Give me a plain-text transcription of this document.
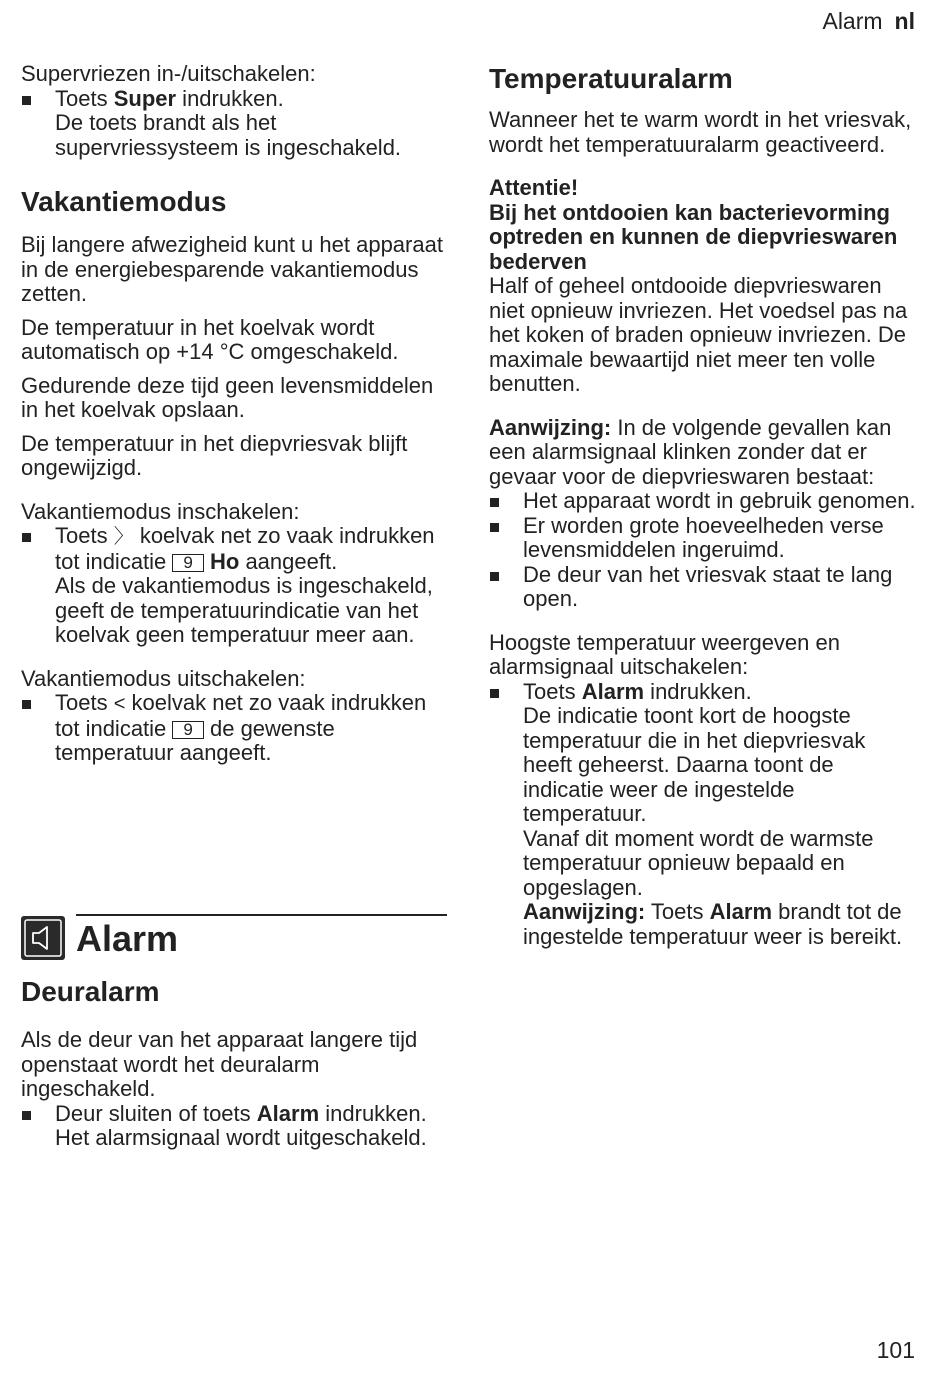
Alarm nl

Supervriezen in-/uitschakelen:

Toets Super indrukken.
De toets brandt als het supervriessysteem is ingeschakeld.
Vakantiemodus

Bij langere afwezigheid kunt u het apparaat in de energiebesparende vakantiemodus zetten.

De temperatuur in het koelvak wordt automatisch op +14 °C omgeschakeld.

Gedurende deze tijd geen levensmiddelen in het koelvak opslaan.

De temperatuur in het diepvriesvak blijft ongewijzigd.

Vakantiemodus inschakelen:

Toets 〉 koelvak net zo vaak indrukken tot indicatie 9 Ho aangeeft.
Als de vakantiemodus is ingeschakeld, geeft de temperatuurindicatie van het koelvak geen temperatuur meer aan.

Vakantiemodus uitschakelen:

Toets < koelvak net zo vaak indrukken tot indicatie 9 de gewenste temperatuur aangeeft.
Alarm
Deuralarm

Als de deur van het apparaat langere tijd openstaat wordt het deuralarm ingeschakeld.

Deur sluiten of toets Alarm indrukken.
Het alarmsignaal wordt uitgeschakeld.
Temperatuuralarm

Wanneer het te warm wordt in het vriesvak, wordt het temperatuuralarm geactiveerd.

Attentie!

Bij het ontdooien kan bacterievorming optreden en kunnen de diepvrieswaren bederven

Half of geheel ontdooide diepvrieswaren niet opnieuw invriezen. Het voedsel pas na het koken of braden opnieuw invriezen. De maximale bewaartijd niet meer ten volle benutten.

Aanwijzing: In de volgende gevallen kan een alarmsignaal klinken zonder dat er gevaar voor de diepvrieswaren bestaat:

Het apparaat wordt in gebruik genomen.
Er worden grote hoeveelheden verse levensmiddelen ingeruimd.
De deur van het vriesvak staat te lang open.

Hoogste temperatuur weergeven en alarmsignaal uitschakelen:

Toets Alarm indrukken.
De indicatie toont kort de hoogste temperatuur die in het diepvriesvak heeft geheerst. Daarna toont de indicatie weer de ingestelde temperatuur.
Vanaf dit moment wordt de warmste temperatuur opnieuw bepaald en opgeslagen.
Aanwijzing: Toets Alarm brandt tot de ingestelde temperatuur weer is bereikt.
101
